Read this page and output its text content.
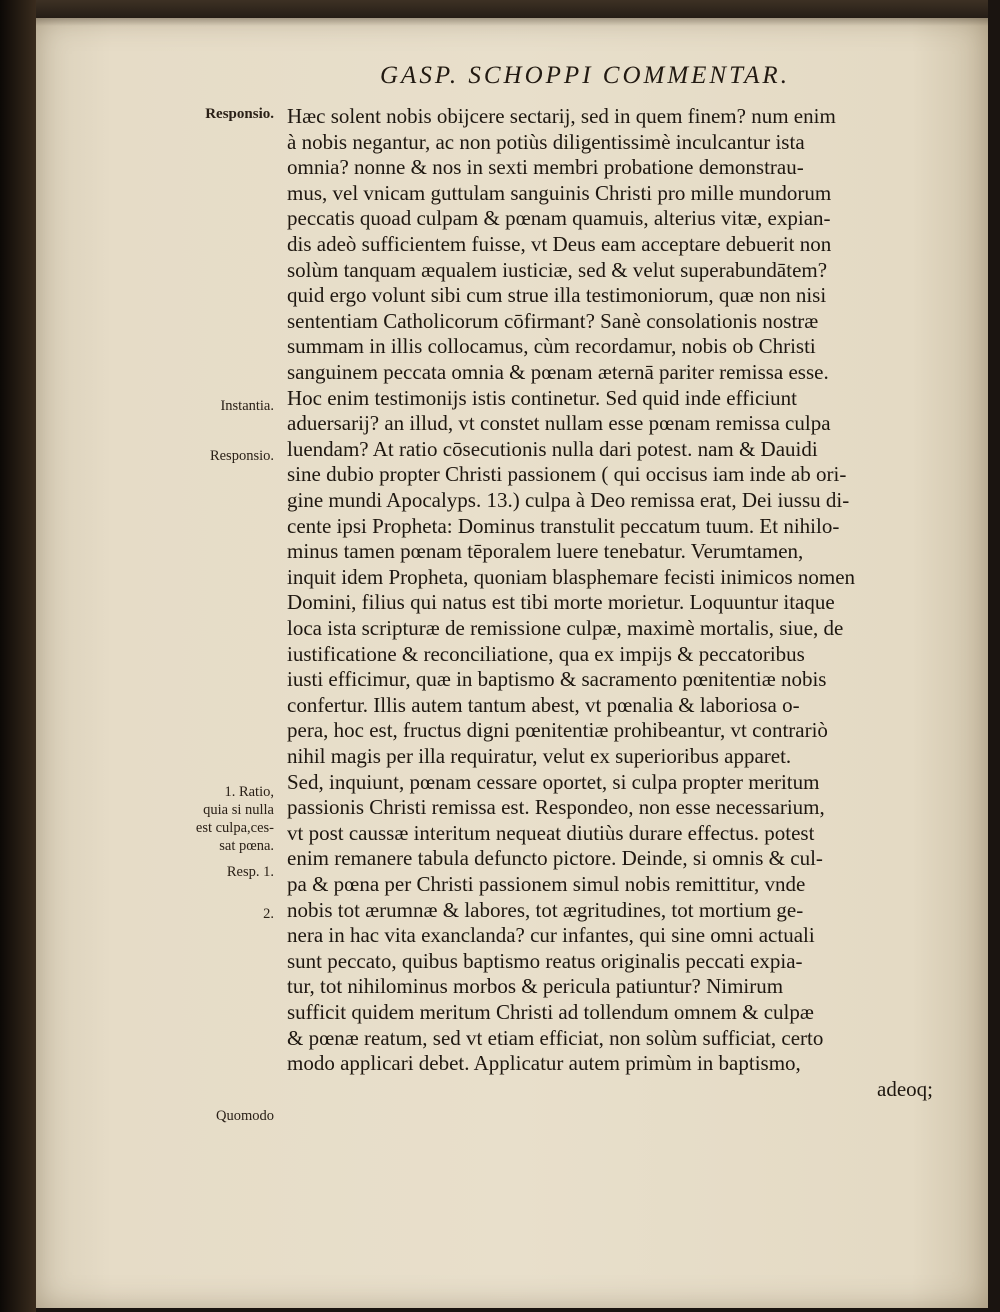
GASP. SCHOPPI COMMENTAR.
Responsio.
Instantia.
Responsio.
1. Ratio,
quia si nulla
est culpa,ces-
sat pœna.
Resp. 1.
2.
Quomodo
Hæc solent nobis obijcere sectarij, sed in quem finem? num enim
à nobis negantur, ac non potiùs diligentissimè inculcantur ista
omnia? nonne & nos in sexti membri probatione demonstrau-
mus, vel vnicam guttulam sanguinis Christi pro mille mundorum
peccatis quoad culpam & pœnam quamuis, alterius vitæ, expian-
dis adeò sufficientem fuisse, vt Deus eam acceptare debuerit non
solùm tanquam æqualem iusticiæ, sed & velut superabundātem?
quid ergo volunt sibi cum strue illa testimoniorum, quæ non nisi
sententiam Catholicorum cōfirmant? Sanè consolationis nostræ
summam in illis collocamus, cùm recordamur, nobis ob Christi
sanguinem peccata omnia & pœnam æternā pariter remissa esse.
Hoc enim testimonijs istis continetur. Sed quid inde efficiunt
aduersarij? an illud, vt constet nullam esse pœnam remissa culpa
luendam? At ratio cōsecutionis nulla dari potest. nam & Dauidi
sine dubio propter Christi passionem ( qui occisus iam inde ab ori-
gine mundi Apocalyps. 13.) culpa à Deo remissa erat, Dei iussu di-
cente ipsi Propheta: Dominus transtulit peccatum tuum. Et nihilo-
minus tamen pœnam tēporalem luere tenebatur. Verumtamen,
inquit idem Propheta, quoniam blasphemare fecisti inimicos nomen
Domini, filius qui natus est tibi morte morietur. Loquuntur itaque
loca ista scripturæ de remissione culpæ, maximè mortalis, siue, de
iustificatione & reconciliatione, qua ex impijs & peccatoribus
iusti efficimur, quæ in baptismo & sacramento pœnitentiæ nobis
confertur. Illis autem tantum abest, vt pœnalia & laboriosa o-
pera, hoc est, fructus digni pœnitentiæ prohibeantur, vt contrariò
nihil magis per illa requiratur, velut ex superioribus apparet.
Sed, inquiunt, pœnam cessare oportet, si culpa propter meritum
passionis Christi remissa est. Respondeo, non esse necessarium,
vt post caussæ interitum nequeat diutiùs durare effectus. potest
enim remanere tabula defuncto pictore. Deinde, si omnis & cul-
pa & pœna per Christi passionem simul nobis remittitur, vnde
nobis tot ærumnæ & labores, tot ægritudines, tot mortium ge-
nera in hac vita exanclanda? cur infantes, qui sine omni actuali
sunt peccato, quibus baptismo reatus originalis peccati expia-
tur, tot nihilominus morbos & pericula patiuntur? Nimirum
sufficit quidem meritum Christi ad tollendum omnem & culpæ
& pœnæ reatum, sed vt etiam efficiat, non solùm sufficiat, certo
modo applicari debet. Applicatur autem primùm in baptismo,
adeoq;
